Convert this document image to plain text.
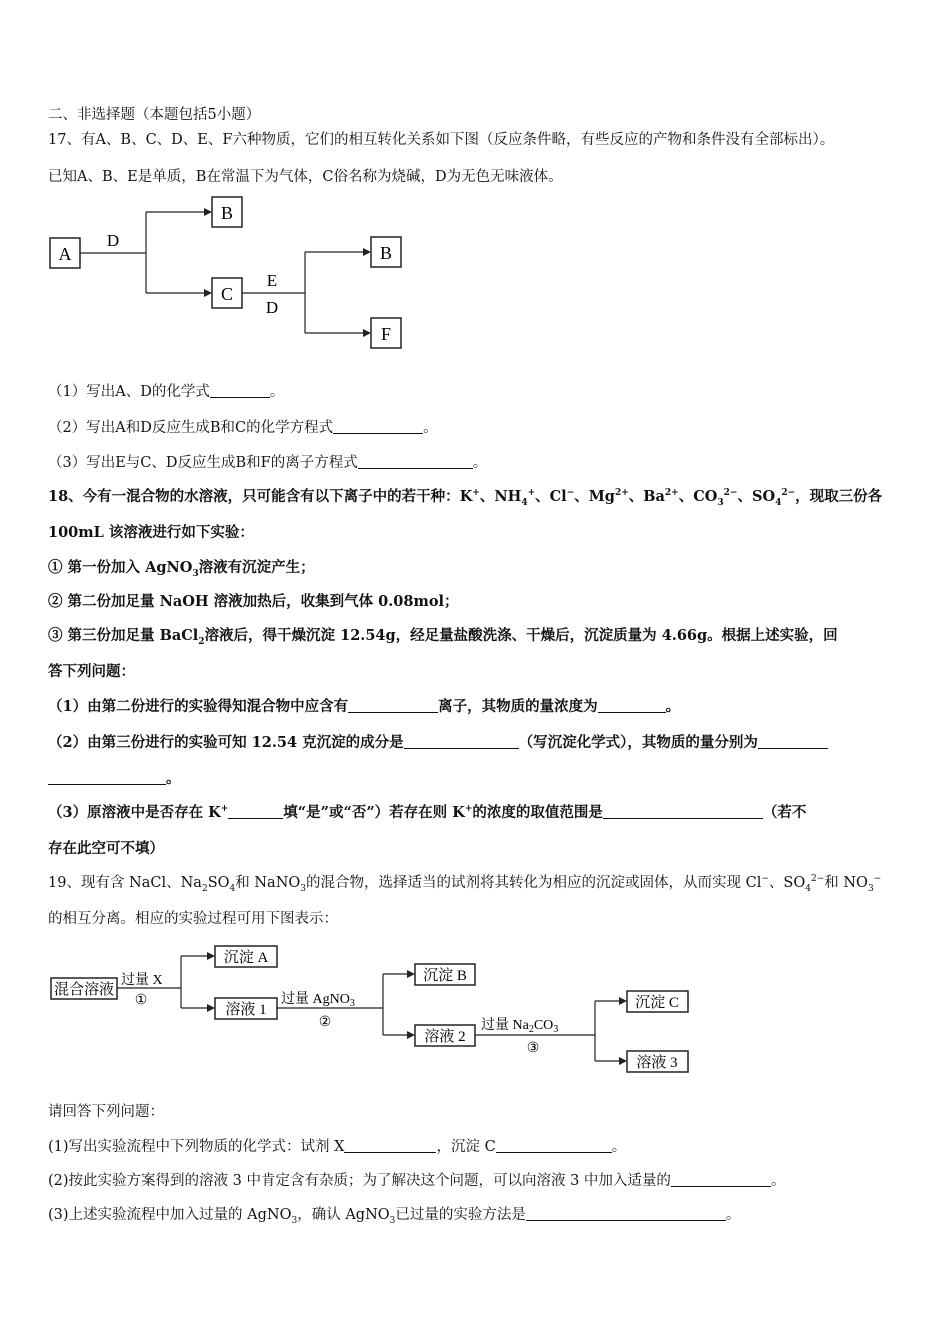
二、非选择题（本题包括5小题）
17、有A、B、C、D、E、F六种物质，它们的相互转化关系如下图（反应条件略，有些反应的产物和条件没有全部标出）。
已知A、B、E是单质，B在常温下为气体，C俗名称为烧碱，D为无色无味液体。
A
B
C
B
F
D
E
D
（1）写出A、D的化学式	。
（2）写出A和D反应生成B和C的化学方程式	。
（3）写出E与C、D反应生成B和F的离子方程式	。
18、今有一混合物的水溶液，只可能含有以下离子中的若干种：K+、$NH_4^+$、Cl−、$Mg^{2+}$、$Ba^{2+}$、$CO_3^{2-}$、$SO_4^{2-}$，现取三份各
100mL 该溶液进行如下实验：
① 第一份加入 AgNO$_3$溶液有沉淀产生；
② 第二份加足量 NaOH 溶液加热后，收集到气体 0.08mol；
③ 第三份加足量 BaCl$_2$溶液后，得干燥沉淀 12.54g，经足量盐酸洗涤、干燥后，沉淀质量为 4.66g。根据上述实验，回
答下列问题：
（1）由第二份进行的实验得知混合物中应含有	离子，其物质的量浓度为	。
（2）由第三份进行的实验可知 12.54 克沉淀的成分是	（写沉淀化学式），其物质的量分别为
。
（3）原溶液中是否存在 K+	填“是”或“否”）若存在则 K+的浓度的取值范围是	（若不
存在此空可不填）
19、现有含 NaCl、$Na_2SO_4$和 NaNO$_3$的混合物，选择适当的试剂将其转化为相应的沉淀或固体，从而实现 Cl−、$SO_4^{2-}$和 $NO_3^-$
的相互分离。相应的实验过程可用下图表示：
混合溶液
沉淀 A
溶液 1
沉淀 B
溶液 2
沉淀 C
溶液 3
过量 X
①	过量 AgNO$_3$
②	过量 $Na_2CO_3$
③
请回答下列问题：
(1)写出实验流程中下列物质的化学式：试剂 X	，沉淀 C	。
(2)按此实验方案得到的溶液 3 中肯定含有杂质；为了解决这个问题，可以向溶液 3 中加入适量的	。
(3)上述实验流程中加入过量的 AgNO$_3$，确认 AgNO$_3$已过量的实验方法是	。
